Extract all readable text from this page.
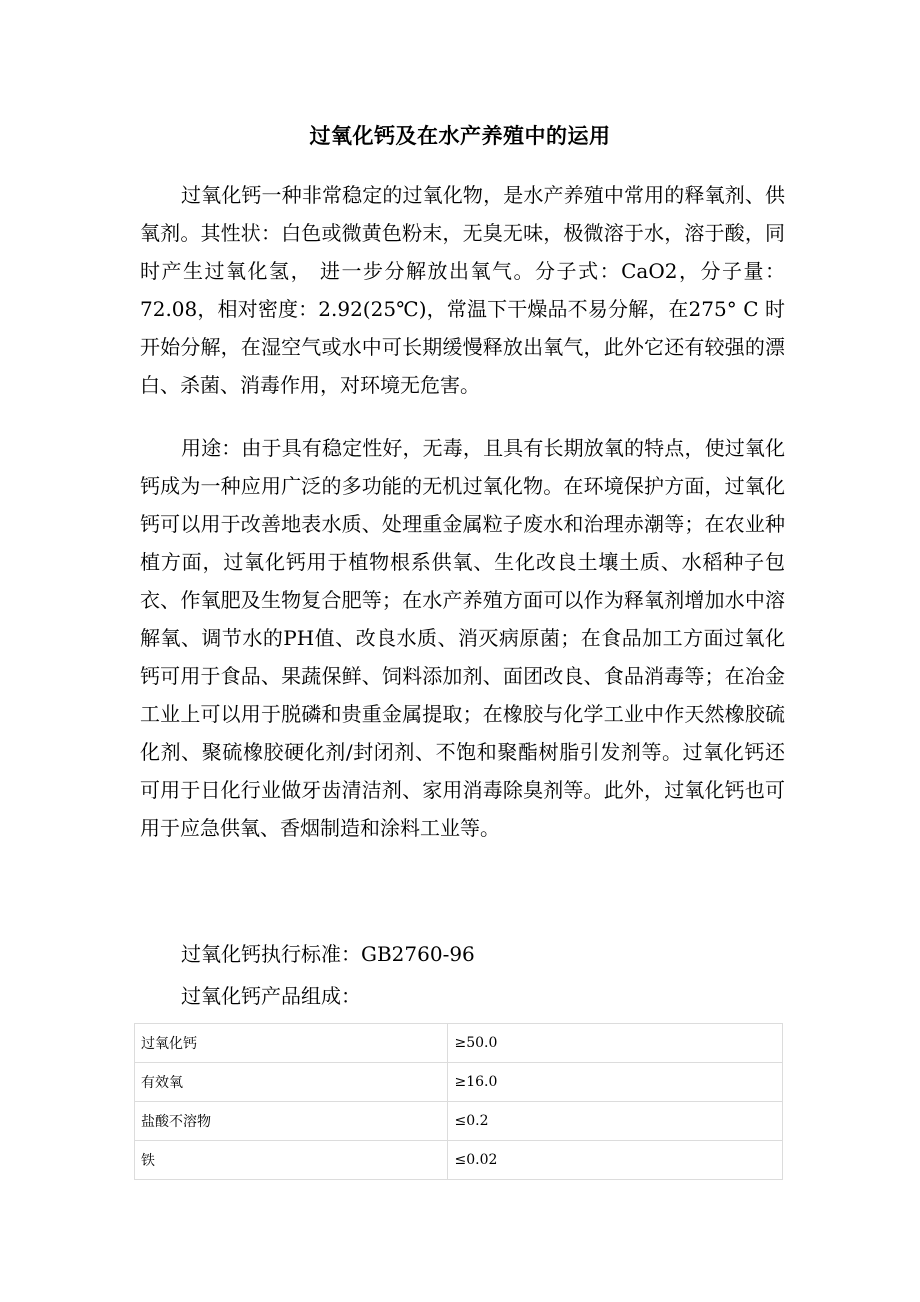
过氧化钙及在水产养殖中的运用

过氧化钙一种非常稳定的过氧化物，是水产养殖中常用的释氧剂、供氧剂。其性状：白色或微黄色粉末，无臭无味，极微溶于水，溶于酸，同时产生过氧化氢， 进一步分解放出氧气。分子式：CaO2，分子量：72.08，相对密度：2.92(25℃)，常温下干燥品不易分解，在275° C 时开始分解，在湿空气或水中可长期缓慢释放出氧气，此外它还有较强的漂白、杀菌、消毒作用，对环境无危害。

用途：由于具有稳定性好，无毒，且具有长期放氧的特点，使过氧化钙成为一种应用广泛的多功能的无机过氧化物。在环境保护方面，过氧化钙可以用于改善地表水质、处理重金属粒子废水和治理赤潮等；在农业种植方面，过氧化钙用于植物根系供氧、生化改良土壤土质、水稻种子包衣、作氧肥及生物复合肥等；在水产养殖方面可以作为释氧剂增加水中溶解氧、调节水的PH值、改良水质、消灭病原菌；在食品加工方面过氧化钙可用于食品、果蔬保鲜、饲料添加剂、面团改良、食品消毒等；在冶金工业上可以用于脱磷和贵重金属提取；在橡胶与化学工业中作天然橡胶硫化剂、聚硫橡胶硬化剂/封闭剂、不饱和聚酯树脂引发剂等。过氧化钙还可用于日化行业做牙齿清洁剂、家用消毒除臭剂等。此外，过氧化钙也可用于应急供氧、香烟制造和涂料工业等。

过氧化钙执行标准：GB2760-96

过氧化钙产品组成：

过氧化钙	≥50.0
有效氧	≥16.0
盐酸不溶物	≤0.2
铁	≤0.02
